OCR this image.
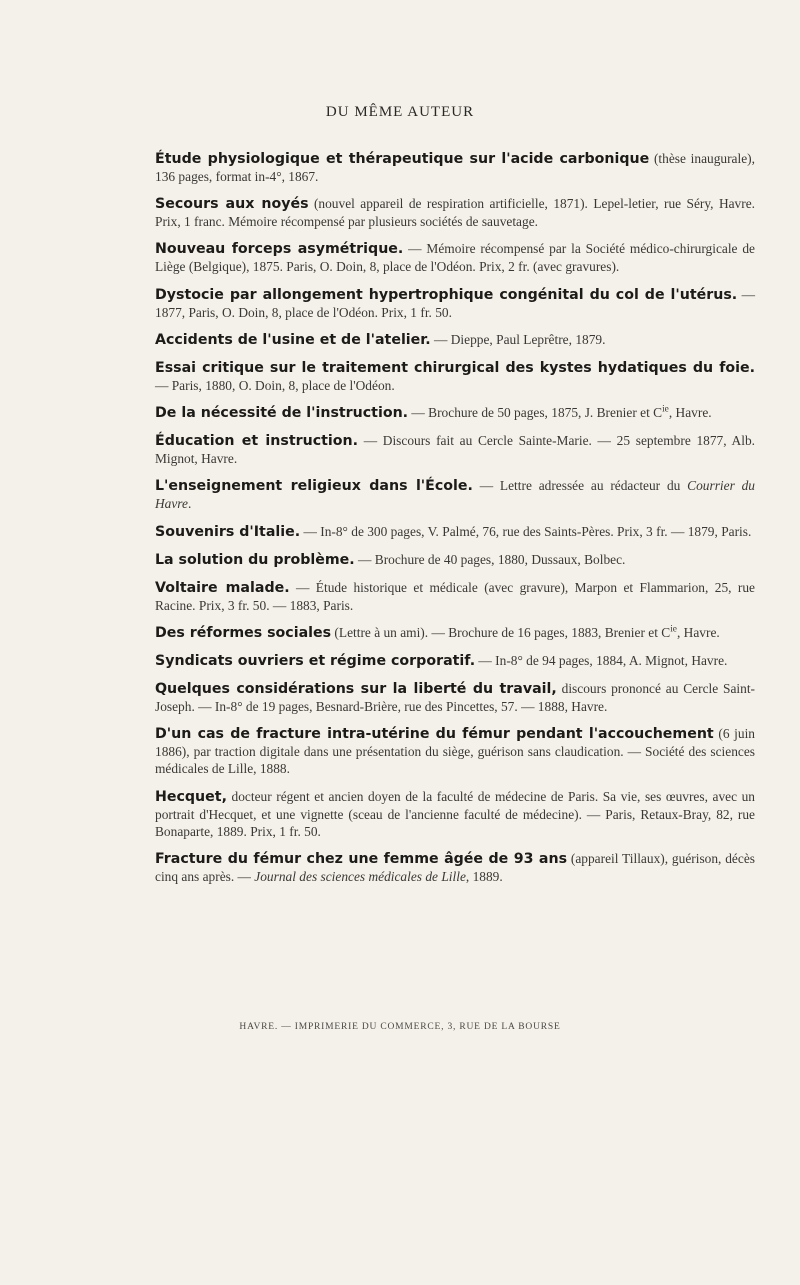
DU MÊME AUTEUR

Étude physiologique et thérapeutique sur l'acide carbonique (thèse inaugurale), 136 pages, format in-4°, 1867.

Secours aux noyés (nouvel appareil de respiration artificielle, 1871). Lepel-letier, rue Séry, Havre. Prix, 1 franc. Mémoire récompensé par plusieurs sociétés de sauvetage.

Nouveau forceps asymétrique. — Mémoire récompensé par la Société médico-chirurgicale de Liège (Belgique), 1875. Paris, O. Doin, 8, place de l'Odéon. Prix, 2 fr. (avec gravures).

Dystocie par allongement hypertrophique congénital du col de l'utérus. — 1877, Paris, O. Doin, 8, place de l'Odéon. Prix, 1 fr. 50.

Accidents de l'usine et de l'atelier. — Dieppe, Paul Leprêtre, 1879.

Essai critique sur le traitement chirurgical des kystes hydatiques du foie. — Paris, 1880, O. Doin, 8, place de l'Odéon.

De la nécessité de l'instruction. — Brochure de 50 pages, 1875, J. Brenier et $C^{ie}$, Havre.

Éducation et instruction. — Discours fait au Cercle Sainte-Marie. — 25 septembre 1877, Alb. Mignot, Havre.

L'enseignement religieux dans l'École. — Lettre adressée au rédacteur du Courrier du Havre.

Souvenirs d'Italie. — In-8° de 300 pages, V. Palmé, 76, rue des Saints-Pères. Prix, 3 fr. — 1879, Paris.

La solution du problème. — Brochure de 40 pages, 1880, Dussaux, Bolbec.

Voltaire malade. — Étude historique et médicale (avec gravure), Marpon et Flammarion, 25, rue Racine. Prix, 3 fr. 50. — 1883, Paris.

Des réformes sociales (Lettre à un ami). — Brochure de 16 pages, 1883, Brenier et $C^{ie}$, Havre.

Syndicats ouvriers et régime corporatif. — In-8° de 94 pages, 1884, A. Mignot, Havre.

Quelques considérations sur la liberté du travail, discours prononcé au Cercle Saint-Joseph. — In-8° de 19 pages, Besnard-Brière, rue des Pincettes, 57. — 1888, Havre.

D'un cas de fracture intra-utérine du fémur pendant l'accouchement (6 juin 1886), par traction digitale dans une présentation du siège, guérison sans claudication. — Société des sciences médicales de Lille, 1888.

Hecquet, docteur régent et ancien doyen de la faculté de médecine de Paris. Sa vie, ses œuvres, avec un portrait d'Hecquet, et une vignette (sceau de l'ancienne faculté de médecine). — Paris, Retaux-Bray, 82, rue Bonaparte, 1889. Prix, 1 fr. 50.

Fracture du fémur chez une femme âgée de 93 ans (appareil Tillaux), guérison, décès cinq ans après. — Journal des sciences médicales de Lille, 1889.

HAVRE. — IMPRIMERIE DU COMMERCE, 3, RUE DE LA BOURSE
